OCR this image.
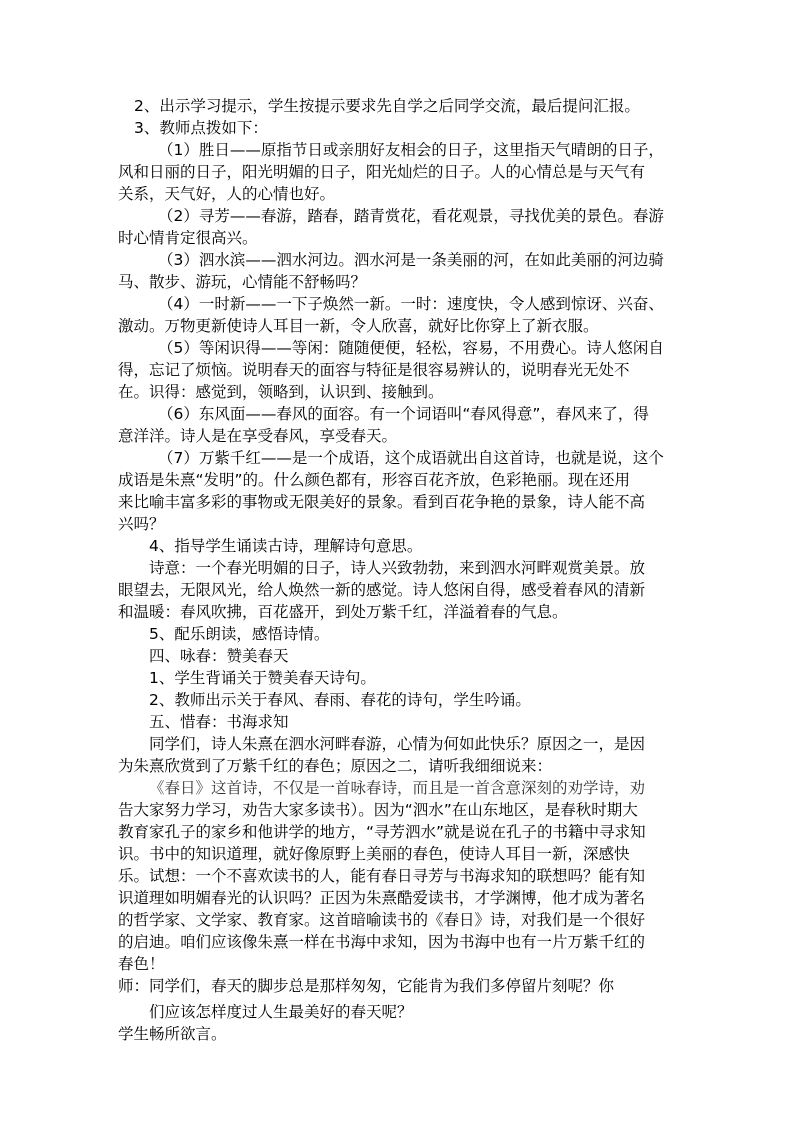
2、出示学习提示，学生按提示要求先自学之后同学交流，最后提问汇报。
3、教师点拨如下：
（1）胜日——原指节日或亲朋好友相会的日子，这里指天气晴朗的日子，
风和日丽的日子，阳光明媚的日子，阳光灿烂的日子。人的心情总是与天气有
关系，天气好，人的心情也好。
（2）寻芳——春游，踏春，踏青赏花，看花观景，寻找优美的景色。春游
时心情肯定很高兴。
（3）泗水滨——泗水河边。泗水河是一条美丽的河，在如此美丽的河边骑
马、散步、游玩，心情能不舒畅吗？
（4）一时新——一下子焕然一新。一时：速度快，令人感到惊讶、兴奋、
激动。万物更新使诗人耳目一新，令人欣喜，就好比你穿上了新衣服。
（5）等闲识得——等闲：随随便便，轻松，容易，不用费心。诗人悠闲自
得，忘记了烦恼。说明春天的面容与特征是很容易辨认的，说明春光无处不
在。识得：感觉到，领略到，认识到、接触到。
（6）东风面——春风的面容。有一个词语叫“春风得意”，春风来了，得
意洋洋。诗人是在享受春风，享受春天。
（7）万紫千红——是一个成语，这个成语就出自这首诗，也就是说，这个
成语是朱熹“发明”的。什么颜色都有，形容百花齐放，色彩艳丽。现在还用
来比喻丰富多彩的事物或无限美好的景象。看到百花争艳的景象，诗人能不高
兴吗？
4、指导学生诵读古诗，理解诗句意思。
诗意：一个春光明媚的日子，诗人兴致勃勃，来到泗水河畔观赏美景。放
眼望去，无限风光，给人焕然一新的感觉。诗人悠闲自得，感受着春风的清新
和温暖：春风吹拂，百花盛开，到处万紫千红，洋溢着春的气息。
5、配乐朗读，感悟诗情。
四、咏春：赞美春天
1、学生背诵关于赞美春天诗句。
2、教师出示关于春风、春雨、春花的诗句，学生吟诵。
五、惜春：书海求知
同学们，诗人朱熹在泗水河畔春游，心情为何如此快乐？原因之一，是因
为朱熹欣赏到了万紫千红的春色；原因之二，请听我细细说来：
《春日》这首诗，不仅是一首咏春诗，而且是一首含意深刻的劝学诗，劝
告大家努力学习，劝告大家多读书）。因为“泗水”在山东地区，是春秋时期大
教育家孔子的家乡和他讲学的地方，“寻芳泗水”就是说在孔子的书籍中寻求知
识。书中的知识道理，就好像原野上美丽的春色，使诗人耳目一新，深感快
乐。试想：一个不喜欢读书的人，能有春日寻芳与书海求知的联想吗？能有知
识道理如明媚春光的认识吗？正因为朱熹酷爱读书，才学渊博，他才成为著名
的哲学家、文学家、教育家。这首暗喻读书的《春日》诗，对我们是一个很好
的启迪。咱们应该像朱熹一样在书海中求知，因为书海中也有一片万紫千红的
春色！
师：同学们，春天的脚步总是那样匆匆，它能肯为我们多停留片刻呢？你
们应该怎样度过人生最美好的春天呢？
学生畅所欲言。
